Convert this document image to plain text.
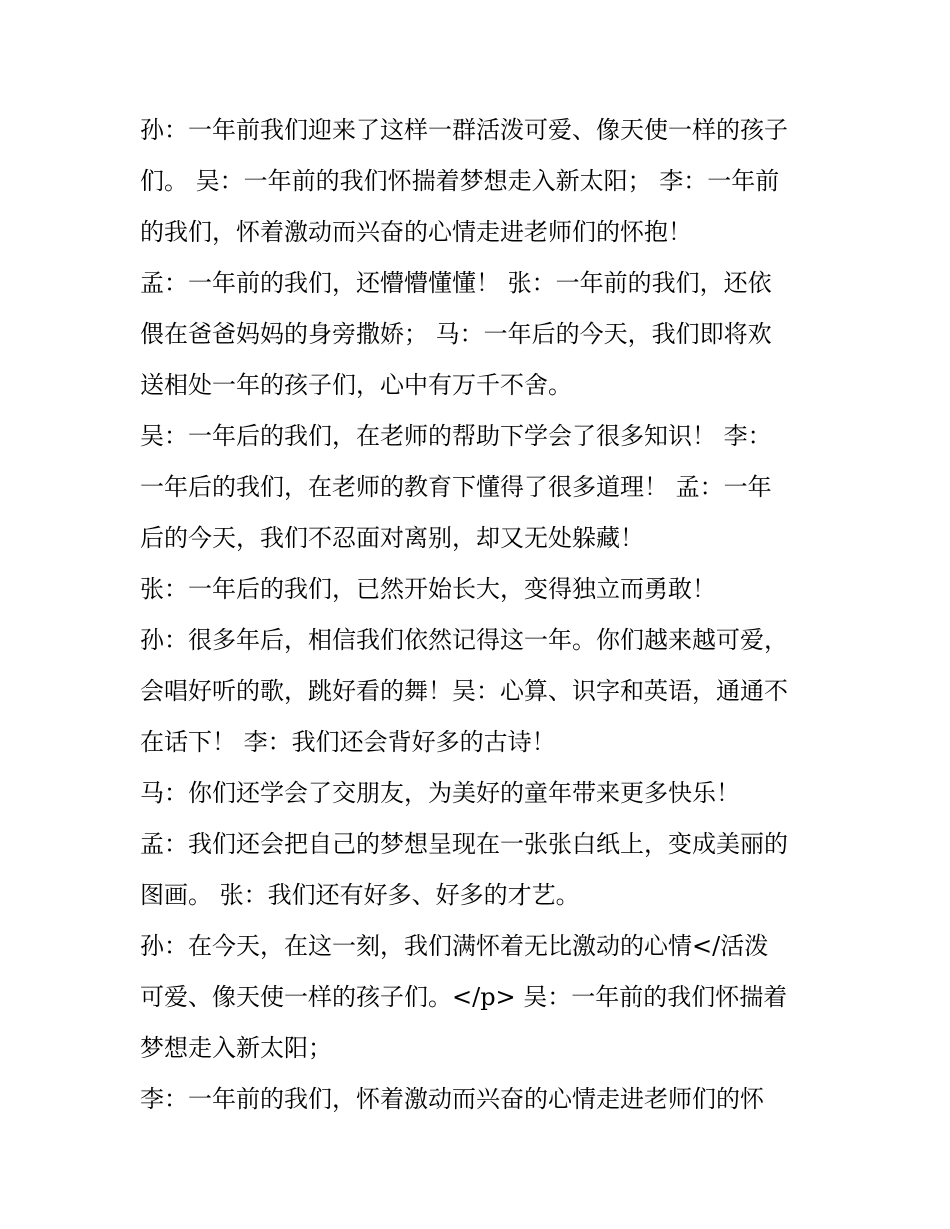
孙：一年前我们迎来了这样一群活泼可爱、像天使一样的孩子
们。 吴：一年前的我们怀揣着梦想走入新太阳； 李：一年前
的我们，怀着激动而兴奋的心情走进老师们的怀抱！
孟：一年前的我们，还懵懵懂懂！ 张：一年前的我们，还依
偎在爸爸妈妈的身旁撒娇； 马：一年后的今天，我们即将欢
送相处一年的孩子们，心中有万千不舍。
吴：一年后的我们，在老师的帮助下学会了很多知识！ 李：
一年后的我们，在老师的教育下懂得了很多道理！ 孟：一年
后的今天，我们不忍面对离别，却又无处躲藏！
张：一年后的我们，已然开始长大，变得独立而勇敢！
孙：很多年后，相信我们依然记得这一年。你们越来越可爱，
会唱好听的歌，跳好看的舞！吴：心算、识字和英语，通通不
在话下！ 李：我们还会背好多的古诗！
马：你们还学会了交朋友，为美好的童年带来更多快乐！
孟：我们还会把自己的梦想呈现在一张张白纸上，变成美丽的
图画。 张：我们还有好多、好多的才艺。
孙：在今天，在这一刻，我们满怀着无比激动的心情</活泼
可爱、像天使一样的孩子们。</p> 吴：一年前的我们怀揣着
梦想走入新太阳；
李：一年前的我们，怀着激动而兴奋的心情走进老师们的怀
